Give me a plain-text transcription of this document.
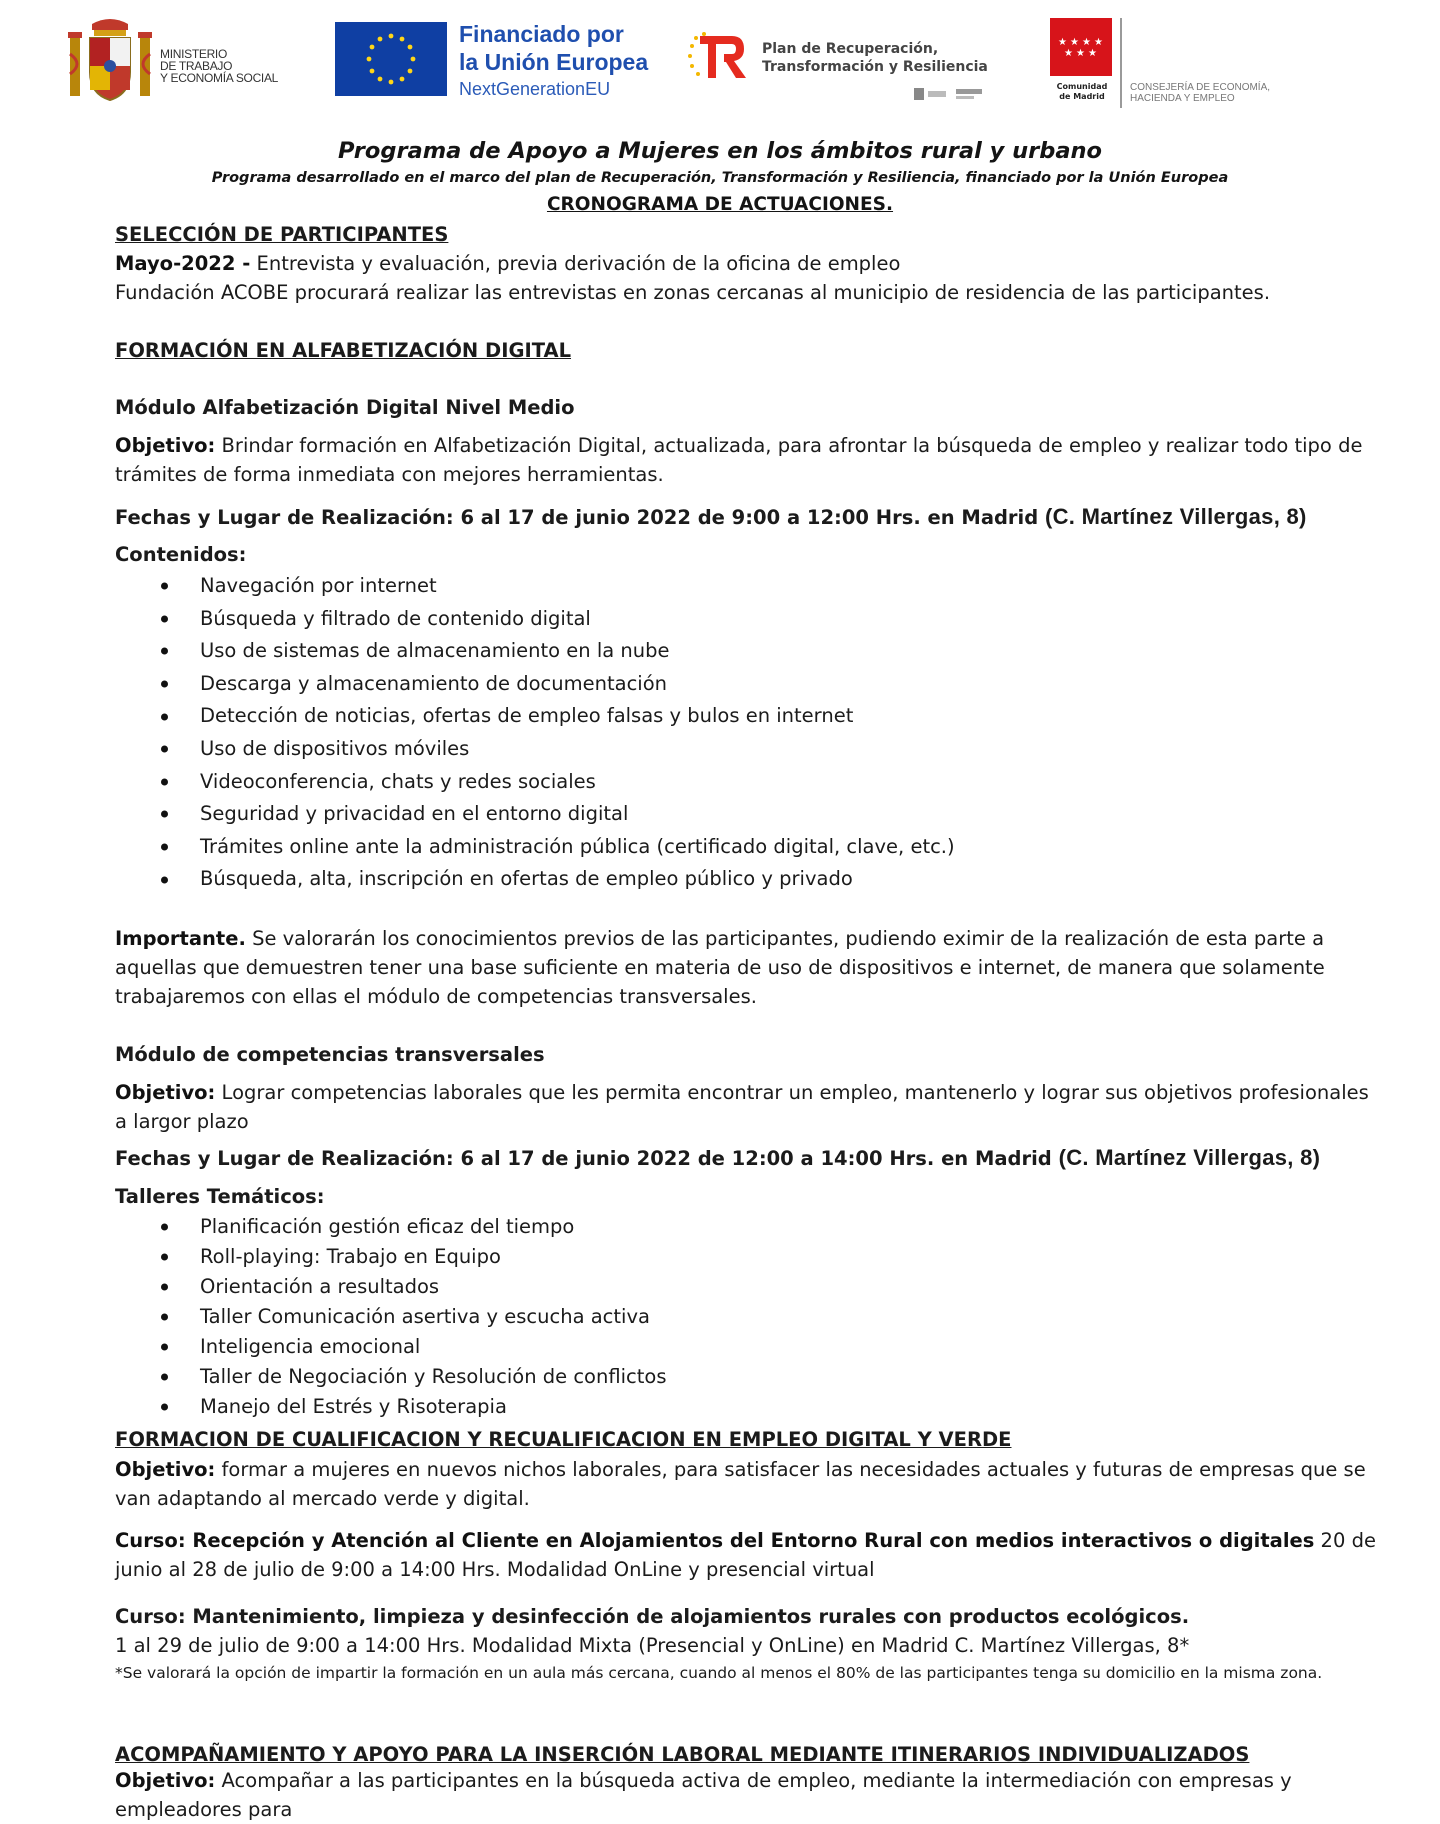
MINISTERIO
DE TRABAJO
Y ECONOMÍA SOCIAL
Financiado por
la Unión Europea
NextGenerationEU
Plan de Recuperación,
Transformación y Resiliencia
★ ★ ★ ★
★ ★ ★
Comunidad
de Madrid
CONSEJERÍA DE ECONOMÍA,
HACIENDA Y EMPLEO
Programa de Apoyo a Mujeres en los ámbitos rural y urbano
Programa desarrollado en el marco del plan de Recuperación, Transformación y Resiliencia, financiado por la Unión Europea
CRONOGRAMA DE ACTUACIONES.
SELECCIÓN DE PARTICIPANTES
Mayo-2022 - Entrevista y evaluación, previa derivación de la oficina de empleo
Fundación ACOBE procurará realizar las entrevistas en zonas cercanas al municipio de residencia de las participantes.
FORMACIÓN EN ALFABETIZACIÓN DIGITAL
Módulo Alfabetización Digital Nivel Medio
Objetivo: Brindar formación en Alfabetización Digital, actualizada, para afrontar la búsqueda de empleo y realizar todo tipo de trámites de forma inmediata con mejores herramientas.
Fechas y Lugar de Realización: 6 al 17 de junio 2022 de 9:00 a 12:00 Hrs. en Madrid (C. Martínez Villergas, 8)
Contenidos:
Navegación por internet
Búsqueda y filtrado de contenido digital
Uso de sistemas de almacenamiento en la nube
Descarga y almacenamiento de documentación
Detección de noticias, ofertas de empleo falsas y bulos en internet
Uso de dispositivos móviles
Videoconferencia, chats y redes sociales
Seguridad y privacidad en el entorno digital
Trámites online ante la administración pública (certificado digital, clave, etc.)
Búsqueda, alta, inscripción en ofertas de empleo público y privado
Importante. Se valorarán los conocimientos previos de las participantes, pudiendo eximir de la realización de esta parte a aquellas que demuestren tener una base suficiente en materia de uso de dispositivos e internet, de manera que solamente trabajaremos con ellas el módulo de competencias transversales.
Módulo de competencias transversales
Objetivo: Lograr competencias laborales que les permita encontrar un empleo, mantenerlo y lograr sus objetivos profesionales a largor plazo
Fechas y Lugar de Realización: 6 al 17 de junio 2022 de 12:00 a 14:00 Hrs. en Madrid (C. Martínez Villergas, 8)
Talleres Temáticos:
Planificación gestión eficaz del tiempo
Roll-playing: Trabajo en Equipo
Orientación a resultados
Taller Comunicación asertiva y escucha activa
Inteligencia emocional
Taller de Negociación y Resolución de conflictos
Manejo del Estrés y Risoterapia
FORMACION DE CUALIFICACION Y RECUALIFICACION EN EMPLEO DIGITAL Y VERDE
Objetivo: formar a mujeres en nuevos nichos laborales, para satisfacer las necesidades actuales y futuras de empresas que se van adaptando al mercado verde y digital.
Curso: Recepción y Atención al Cliente en Alojamientos del Entorno Rural con medios interactivos o digitales 20 de junio al 28 de julio de 9:00 a 14:00 Hrs. Modalidad OnLine y presencial virtual
Curso: Mantenimiento, limpieza y desinfección de alojamientos rurales con productos ecológicos.
1 al 29 de julio de 9:00 a 14:00 Hrs. Modalidad Mixta (Presencial y OnLine) en Madrid C. Martínez Villergas, 8*
*Se valorará la opción de impartir la formación en un aula más cercana, cuando al menos el 80% de las participantes tenga su domicilio en la misma zona.
ACOMPAÑAMIENTO Y APOYO PARA LA INSERCIÓN LABORAL MEDIANTE ITINERARIOS INDIVIDUALIZADOS
Objetivo: Acompañar a las participantes en la búsqueda activa de empleo, mediante la intermediación con empresas y empleadores para
